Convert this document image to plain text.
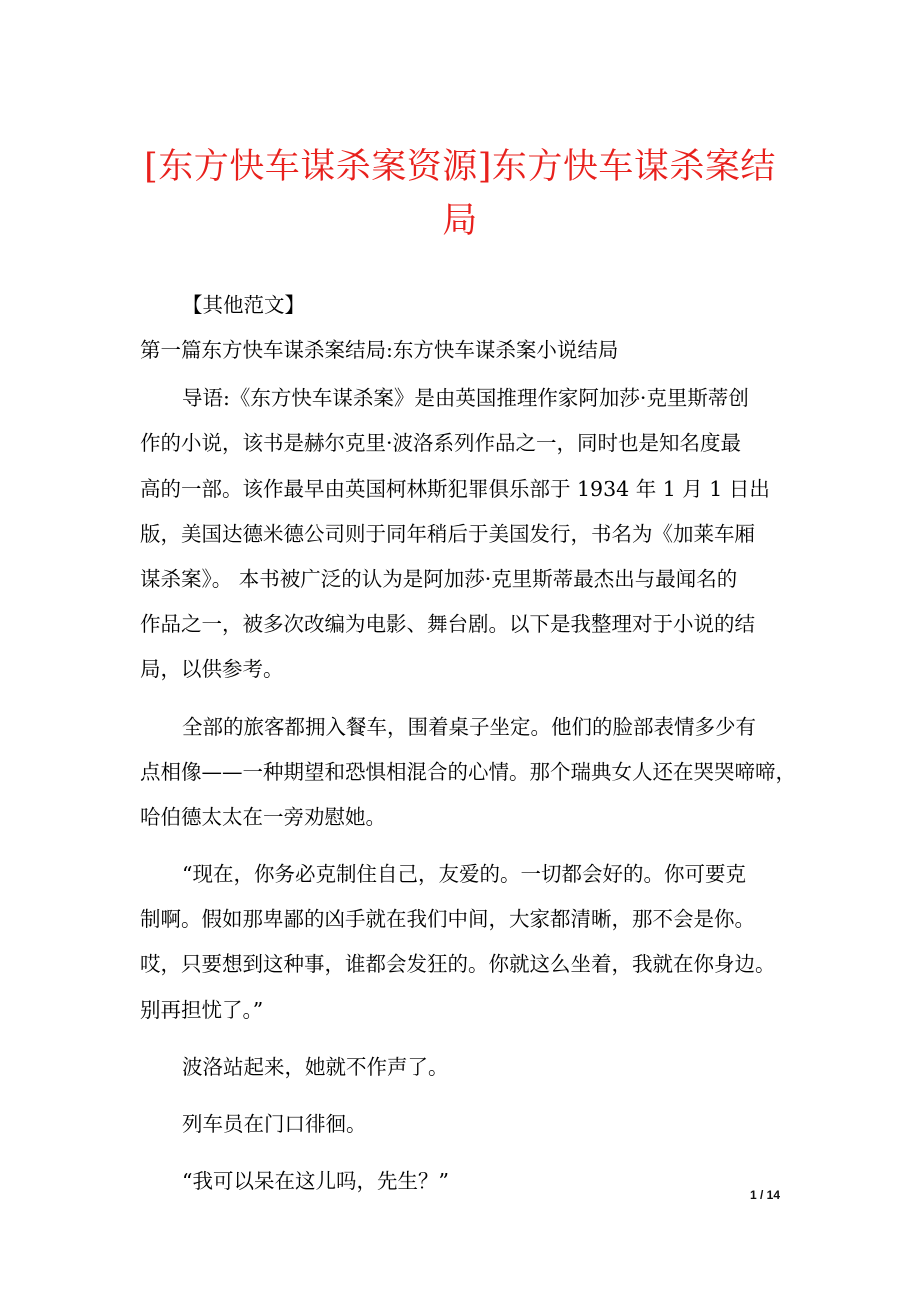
[东方快车谋杀案资源]东方快车谋杀案结
局
【其他范文】
第一篇东方快车谋杀案结局:东方快车谋杀案小说结局
导语:《东方快车谋杀案》是由英国推理作家阿加莎·克里斯蒂创
作的小说，该书是赫尔克里·波洛系列作品之一，同时也是知名度最
高的一部。该作最早由英国柯林斯犯罪俱乐部于 1934 年 1 月 1 日出
版，美国达德米德公司则于同年稍后于美国发行，书名为《加莱车厢
谋杀案》。 本书被广泛的认为是阿加莎·克里斯蒂最杰出与最闻名的
作品之一，被多次改编为电影、舞台剧。以下是我整理对于小说的结
局，以供参考。
全部的旅客都拥入餐车，围着桌子坐定。他们的脸部表情多少有
点相像——一种期望和恐惧相混合的心情。那个瑞典女人还在哭哭啼啼，
哈伯德太太在一旁劝慰她。
“现在，你务必克制住自己，友爱的。一切都会好的。你可要克
制啊。假如那卑鄙的凶手就在我们中间，大家都清晰，那不会是你。
哎，只要想到这种事，谁都会发狂的。你就这么坐着，我就在你身边。
别再担忧了。”
波洛站起来，她就不作声了。
列车员在门口徘徊。
“我可以呆在这儿吗，先生？”
1 / 14
